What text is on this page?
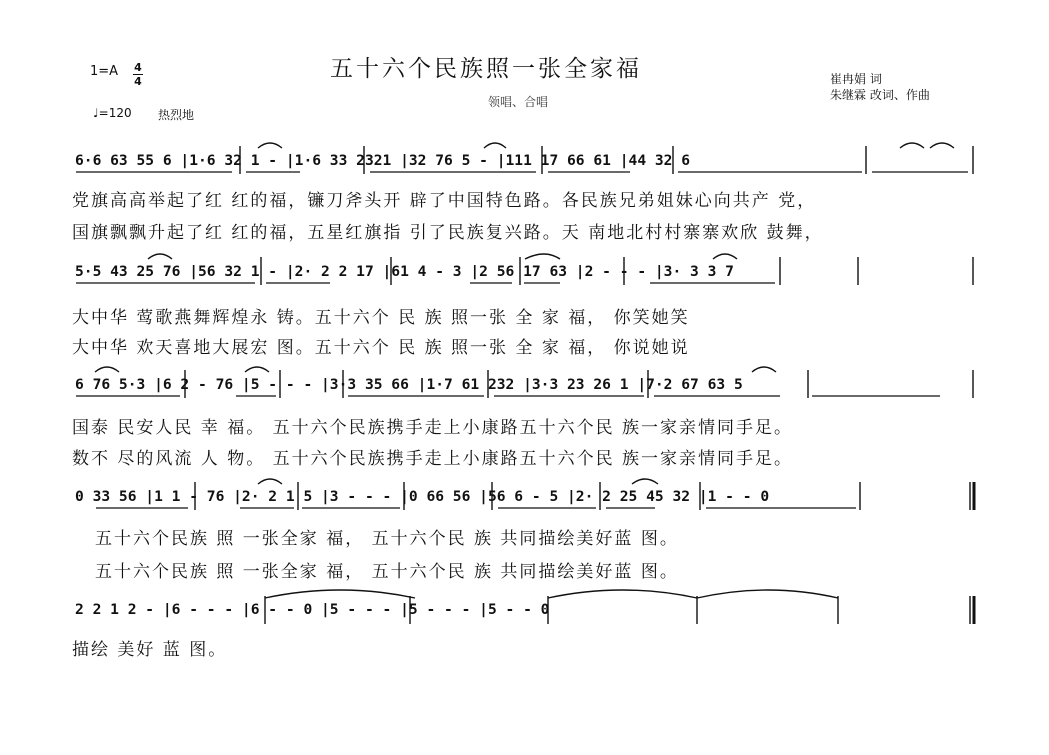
五十六个民族照一张全家福
领唱、合唱
1=A 4
4
♩=120 热烈地
崔冉娟 词
朱继霖 改词、作曲
6·6 63 55 6 |1·6 32 1 - |1·6 33 2321 |32 76 5 - |111 17 66 61 |44 32 6
党旗高高举起了红 红的福，镰刀斧头开 辟了中国特色路。各民族兄弟姐妹心向共产 党，
国旗飘飘升起了红 红的福，五星红旗指 引了民族复兴路。天 南地北村村寨寨欢欣 鼓舞，
5·5 43 25 76 |56 32 1 - |2· 2 2 17 |61 4 - 3 |2 56 17 63 |2 - - - |3· 3 3 7
大中华 莺歌燕舞辉煌永 铸。五十六个 民 族 照一张 全 家 福， 你笑她笑
大中华 欢天喜地大展宏 图。五十六个 民 族 照一张 全 家 福， 你说她说
6 76 5·3 |6 2 - 76 |5 - - - |3·3 35 66 |1·7 61 232 |3·3 23 26 1 |7·2 67 63 5
国泰 民安人民 幸 福。 五十六个民族携手走上小康路五十六个民 族一家亲情同手足。
数不 尽的风流 人 物。 五十六个民族携手走上小康路五十六个民 族一家亲情同手足。
0 33 56 |1 1 - 76 |2· 2 1 5 |3 - - - |0 66 56 |56 6 - 5 |2· 2 25 45 32 |1 - - 0
五十六个民族 照 一张全家 福， 五十六个民 族 共同描绘美好蓝 图。
五十六个民族 照 一张全家 福， 五十六个民 族 共同描绘美好蓝 图。
2 2 1 2 - |6 - - - |6 - - 0 |5 - - - |5 - - - |5 - - 0
描绘 美好 蓝 图。
